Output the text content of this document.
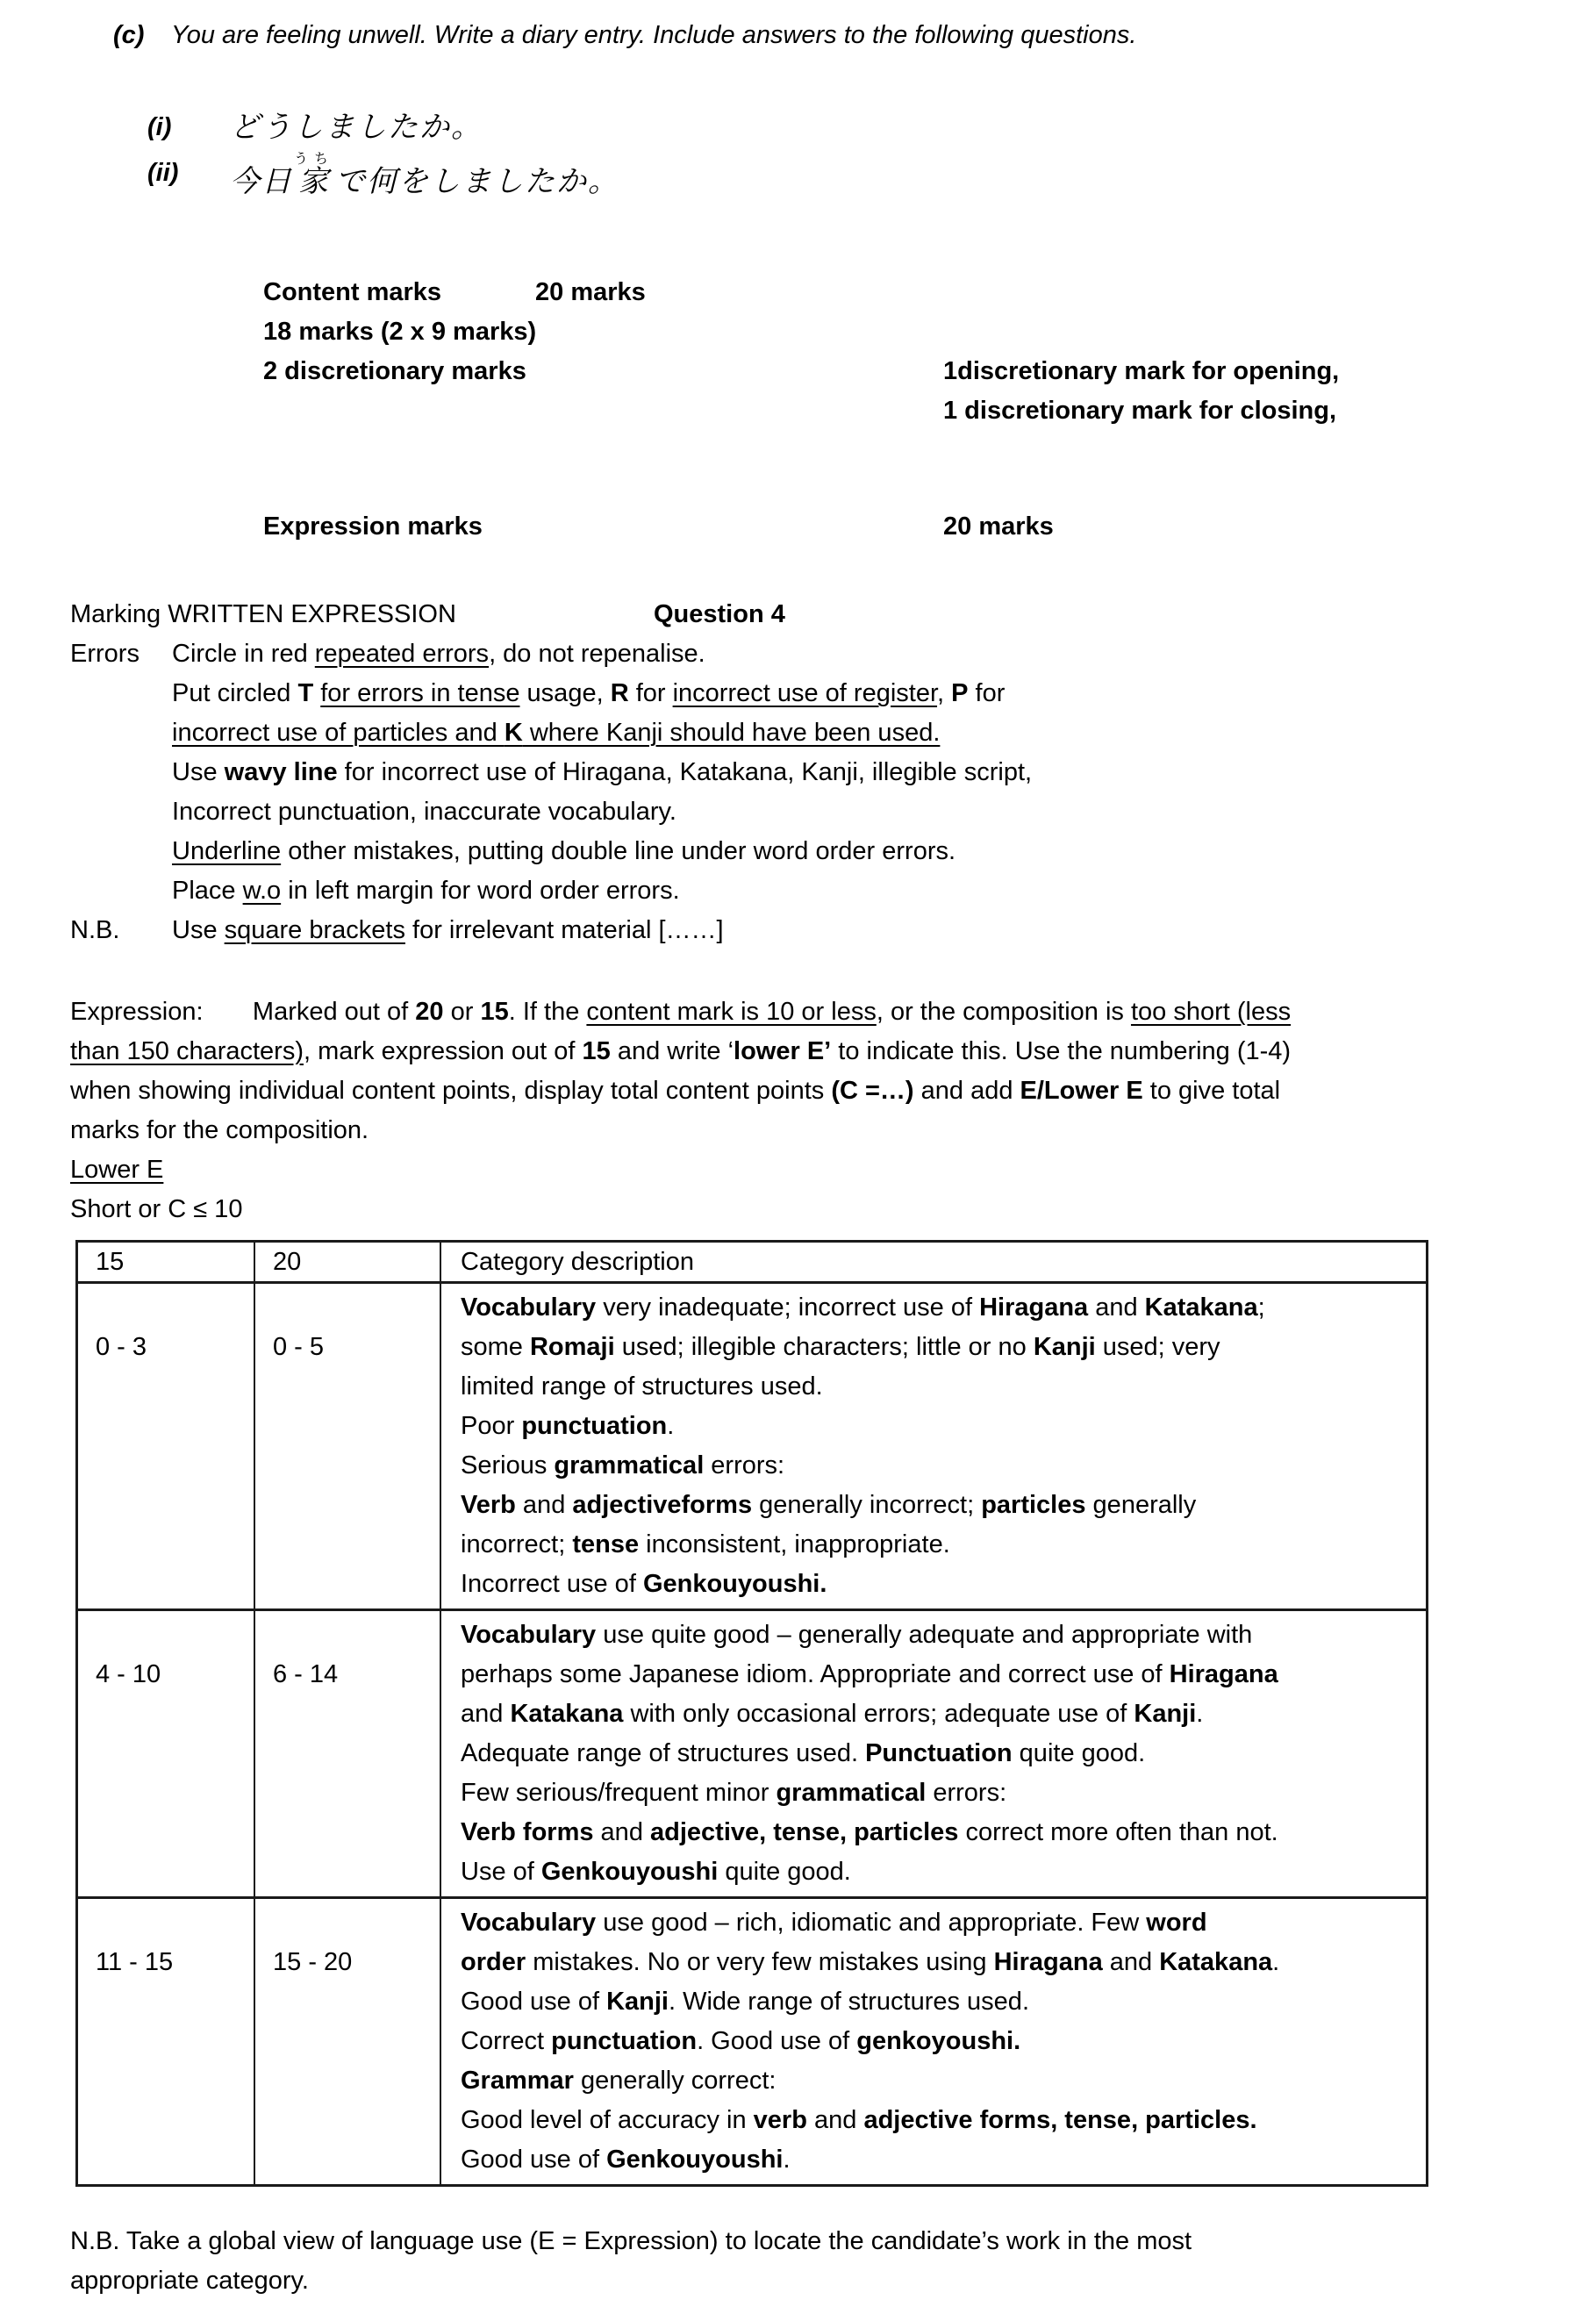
(c)	You are feeling unwell. Write a diary entry. Include answers to the following questions.
(i)	どうしましたか。
(ii)	今日家うちで何をしましたか。
Content marks	20 marks
18 marks (2 x 9 marks)
2 discretionary marks	1discretionary mark for opening,
1 discretionary mark for closing,
Expression marks	20 marks
Marking WRITTEN EXPRESSION	Question 4
Errors	Circle in red repeated errors, do not repenalise.
Put circled T for errors in tense usage, R for incorrect use of register, P for
incorrect use of particles and K where Kanji should have been used.
Use wavy line for incorrect use of Hiragana, Katakana, Kanji, illegible script,
Incorrect punctuation, inaccurate vocabulary.
Underline other mistakes, putting double line under word order errors.
Place w.o in left margin for word order errors.
N.B.	Use square brackets for irrelevant material [……]
Expression:       Marked out of 20 or 15. If the content mark is 10 or less, or the composition is too short (less
than 150 characters), mark expression out of 15 and write ‘lower E’ to indicate this. Use the numbering (1-4)
when showing individual content points, display total content points (C =…) and add E/Lower E to give total
marks for the composition.
Lower E
Short or C ≤ 10
15	20	Category description
0 - 3	0 - 5	
Vocabulary very inadequate; incorrect use of Hiragana and Katakana;
some Romaji used; illegible characters; little or no Kanji used; very
limited range of structures used.
Poor punctuation.
Serious grammatical errors:
Verb and adjectiveforms generally incorrect; particles generally
incorrect; tense inconsistent, inappropriate.
Incorrect use of Genkouyoushi.

4 - 10	6 - 14	
Vocabulary use quite good – generally adequate and appropriate with
perhaps some Japanese idiom. Appropriate and correct use of Hiragana
and Katakana with only occasional errors; adequate use of Kanji.
Adequate range of structures used. Punctuation quite good.
Few serious/frequent minor grammatical errors:
Verb forms and adjective, tense, particles correct more often than not.
Use of Genkouyoushi quite good.

11 - 15	15 - 20	
Vocabulary use good – rich, idiomatic and appropriate. Few word
order mistakes. No or very few mistakes using Hiragana and Katakana.
Good use of Kanji. Wide range of structures used.
Correct punctuation. Good use of genkoyoushi.
Grammar generally correct:
Good level of accuracy in verb and adjective forms, tense, particles.
Good use of Genkouyoushi.
N.B. Take a global view of language use (E = Expression) to locate the candidate’s work in the most
appropriate category.
